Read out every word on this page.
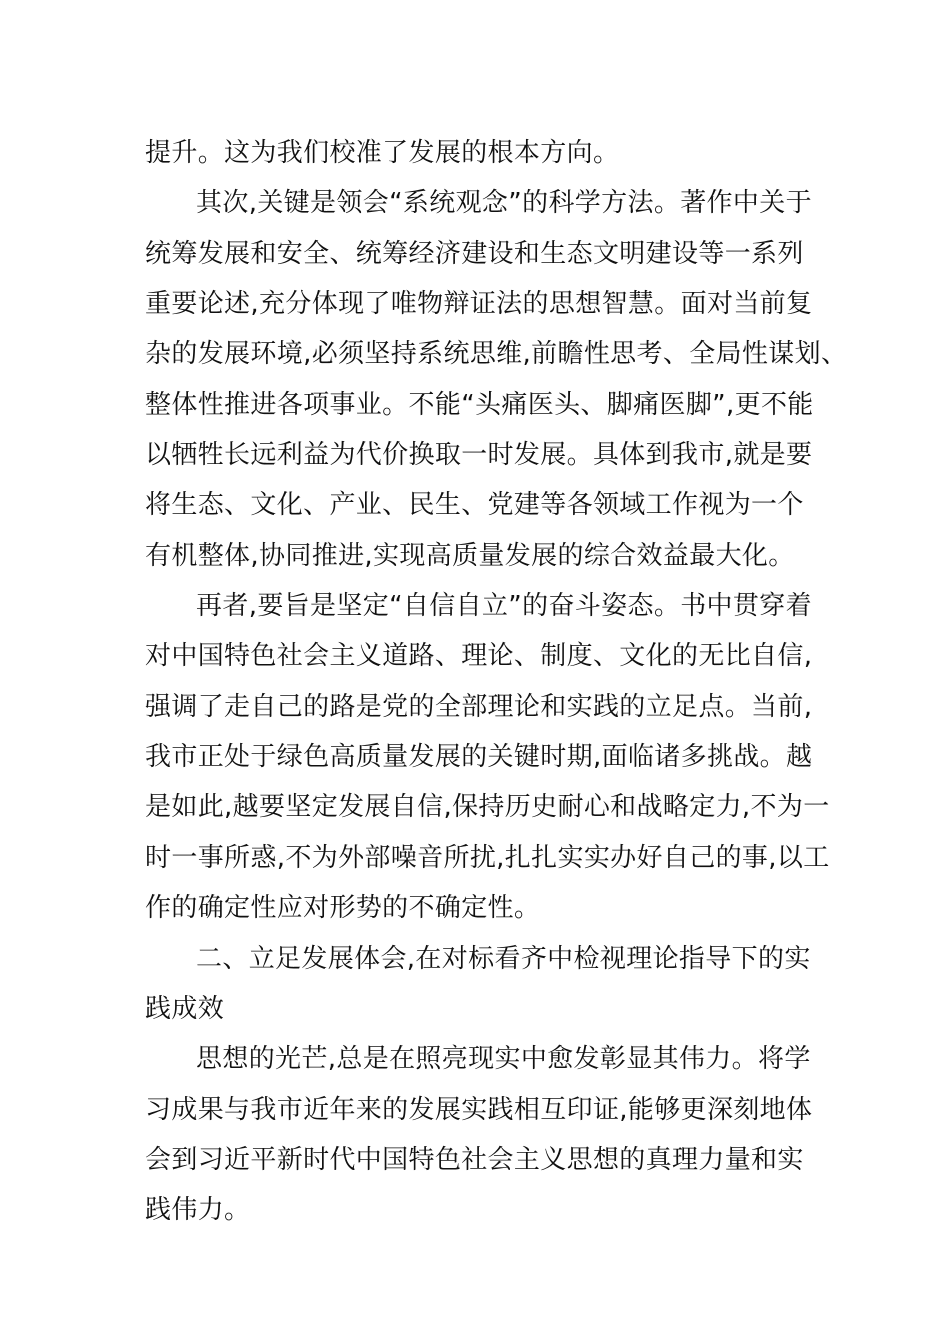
提升。这为我们校准了发展的根本方向。
其次,关键是领会“系统观念”的科学方法。著作中关于
统筹发展和安全、统筹经济建设和生态文明建设等一系列
重要论述,充分体现了唯物辩证法的思想智慧。面对当前复
杂的发展环境,必须坚持系统思维,前瞻性思考、全局性谋划、
整体性推进各项事业。不能“头痛医头、脚痛医脚”,更不能
以牺牲长远利益为代价换取一时发展。具体到我市,就是要
将生态、文化、产业、民生、党建等各领域工作视为一个
有机整体,协同推进,实现高质量发展的综合效益最大化。
再者,要旨是坚定“自信自立”的奋斗姿态。书中贯穿着
对中国特色社会主义道路、理论、制度、文化的无比自信,
强调了走自己的路是党的全部理论和实践的立足点。当前,
我市正处于绿色高质量发展的关键时期,面临诸多挑战。越
是如此,越要坚定发展自信,保持历史耐心和战略定力,不为一
时一事所惑,不为外部噪音所扰,扎扎实实办好自己的事,以工
作的确定性应对形势的不确定性。
二、立足发展体会,在对标看齐中检视理论指导下的实
践成效
思想的光芒,总是在照亮现实中愈发彰显其伟力。将学
习成果与我市近年来的发展实践相互印证,能够更深刻地体
会到习近平新时代中国特色社会主义思想的真理力量和实
践伟力。
